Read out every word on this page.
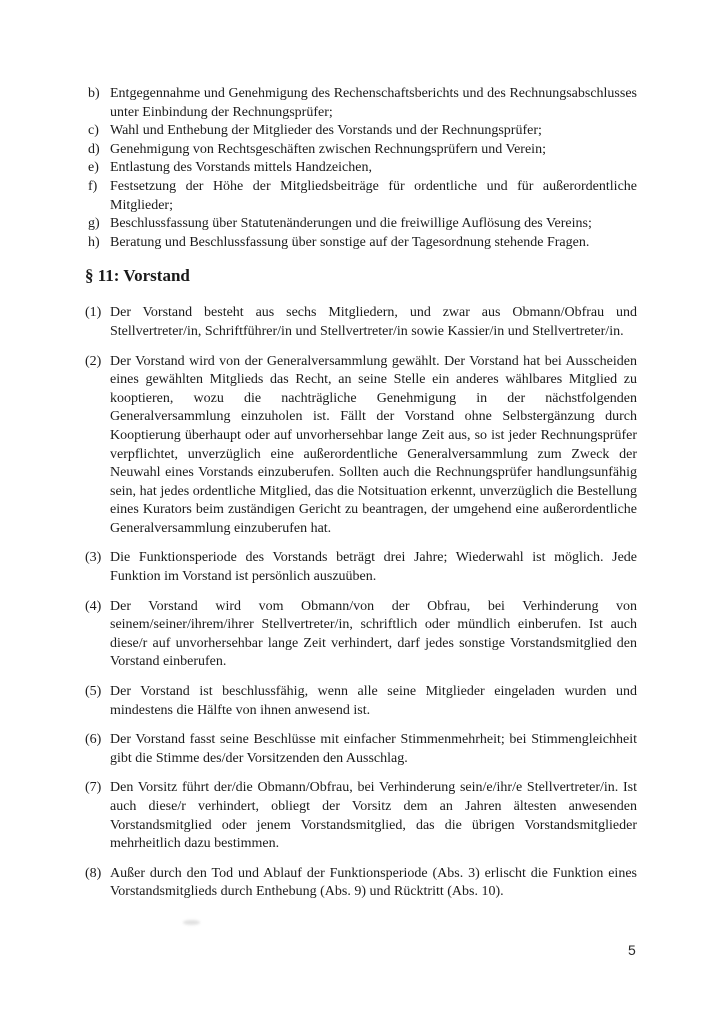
b) Entgegennahme und Genehmigung des Rechenschaftsberichts und des Rechnungsabschlusses unter Einbindung der Rechnungsprüfer;
c) Wahl und Enthebung der Mitglieder des Vorstands und der Rechnungsprüfer;
d) Genehmigung von Rechtsgeschäften zwischen Rechnungsprüfern und Verein;
e) Entlastung des Vorstands mittels Handzeichen,
f) Festsetzung der Höhe der Mitgliedsbeiträge für ordentliche und für außerordentliche Mitglieder;
g) Beschlussfassung über Statutenänderungen und die freiwillige Auflösung des Vereins;
h) Beratung und Beschlussfassung über sonstige auf der Tagesordnung stehende Fragen.
§ 11: Vorstand
(1) Der Vorstand besteht aus sechs Mitgliedern, und zwar aus Obmann/Obfrau und Stellvertreter/in, Schriftführer/in und Stellvertreter/in sowie Kassier/in und Stellvertreter/in.
(2) Der Vorstand wird von der Generalversammlung gewählt. Der Vorstand hat bei Ausscheiden eines gewählten Mitglieds das Recht, an seine Stelle ein anderes wählbares Mitglied zu kooptieren, wozu die nachträgliche Genehmigung in der nächstfolgenden Generalversammlung einzuholen ist. Fällt der Vorstand ohne Selbstergänzung durch Kooptierung überhaupt oder auf unvorhersehbar lange Zeit aus, so ist jeder Rechnungsprüfer verpflichtet, unverzüglich eine außerordentliche Generalversammlung zum Zweck der Neuwahl eines Vorstands einzuberufen. Sollten auch die Rechnungsprüfer handlungsunfähig sein, hat jedes ordentliche Mitglied, das die Notsituation erkennt, unverzüglich die Bestellung eines Kurators beim zuständigen Gericht zu beantragen, der umgehend eine außerordentliche Generalversammlung einzuberufen hat.
(3) Die Funktionsperiode des Vorstands beträgt drei Jahre; Wiederwahl ist möglich. Jede Funktion im Vorstand ist persönlich auszuüben.
(4) Der Vorstand wird vom Obmann/von der Obfrau, bei Verhinderung von seinem/seiner/ihrem/ihrer Stellvertreter/in, schriftlich oder mündlich einberufen. Ist auch diese/r auf unvorhersehbar lange Zeit verhindert, darf jedes sonstige Vorstandsmitglied den Vorstand einberufen.
(5) Der Vorstand ist beschlussfähig, wenn alle seine Mitglieder eingeladen wurden und mindestens die Hälfte von ihnen anwesend ist.
(6) Der Vorstand fasst seine Beschlüsse mit einfacher Stimmenmehrheit; bei Stimmengleichheit gibt die Stimme des/der Vorsitzenden den Ausschlag.
(7) Den Vorsitz führt der/die Obmann/Obfrau, bei Verhinderung sein/e/ihr/e Stellvertreter/in. Ist auch diese/r verhindert, obliegt der Vorsitz dem an Jahren ältesten anwesenden Vorstandsmitglied oder jenem Vorstandsmitglied, das die übrigen Vorstandsmitglieder mehrheitlich dazu bestimmen.
(8) Außer durch den Tod und Ablauf der Funktionsperiode (Abs. 3) erlischt die Funktion eines Vorstandsmitglieds durch Enthebung (Abs. 9) und Rücktritt (Abs. 10).
5
